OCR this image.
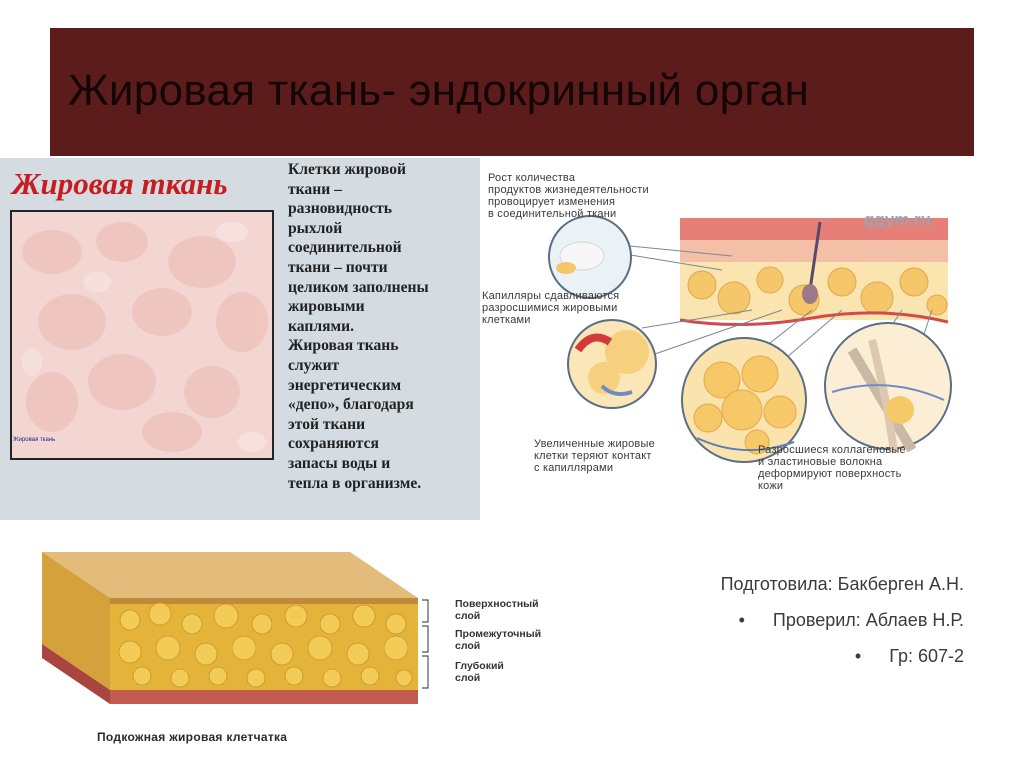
Жировая ткань- эндокринный орган
Жировая ткань
Жировая ткань

Клетки жировой
ткани –
разновидность
рыхлой
соединительной
ткани – почти
целиком заполнены
жировыми
каплями.

Жировая ткань
служит
энергетическим
«депо», благодаря
этой ткани
сохраняются
запасы воды и
тепла в организме.

ggym.ru
Рост количества
продуктов жизнедеятельности
провоцирует изменения
в соединительной ткани
Капилляры сдавливаются
разросшимися жировыми
клетками
Увеличенные жировые
клетки теряют контакт
с капиллярами
Разросшиеся коллагеновые
и эластиновые волокна
деформируют поверхность
кожи
Поверхностный
слой
Промежуточный
слой
Глубокий
слой
Подкожная жировая клетчатка
Подготовила: Бакберген А.Н.
• Проверил: Аблаев Н.Р.
• Гр: 607-2
